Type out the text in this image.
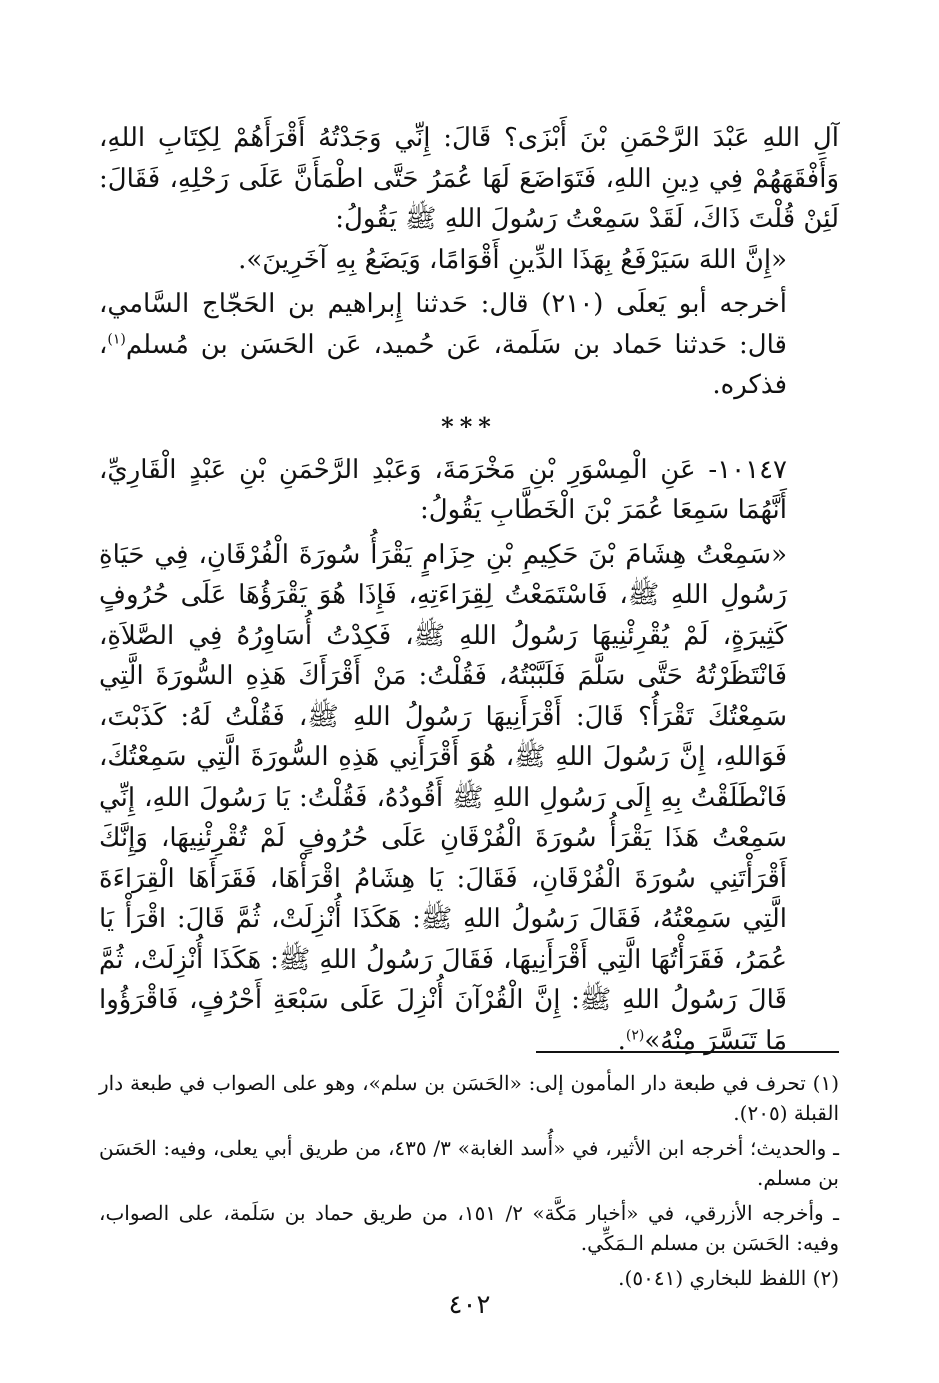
آلِ اللهِ عَبْدَ الرَّحْمَنِ بْنَ أَبْزَى؟ قَالَ: إِنِّي وَجَدْتُهُ أَقْرَأَهُمْ لِكِتَابِ اللهِ، وَأَفْقَهَهُمْ فِي دِينِ اللهِ، فَتَوَاضَعَ لَهَا عُمَرُ حَتَّى اطْمَأَنَّ عَلَى رَحْلِهِ، فَقَالَ: لَئِنْ قُلْتَ ذَاكَ، لَقَدْ سَمِعْتُ رَسُولَ اللهِ ﷺ يَقُولُ:

«إِنَّ اللهَ سَيَرْفَعُ بِهَذَا الدِّينِ أَقْوَامًا، وَيَضَعُ بِهِ آخَرِينَ».

أخرجه أبو يَعلَى (٢١٠) قال: حَدثنا إِبراهيم بن الحَجّاج السَّامي، قال: حَدثنا حَماد بن سَلَمة، عَن حُميد، عَن الحَسَن بن مُسلم$^{(١)}$، فذكره.

***

١٠١٤٧- عَنِ الْمِسْوَرِ بْنِ مَخْرَمَةَ، وَعَبْدِ الرَّحْمَنِ بْنِ عَبْدٍ الْقَارِيِّ، أَنَّهُمَا سَمِعَا عُمَرَ بْنَ الْخَطَّابِ يَقُولُ:

«سَمِعْتُ هِشَامَ بْنَ حَكِيمِ بْنِ حِزَامٍ يَقْرَأُ سُورَةَ الْفُرْقَانِ، فِي حَيَاةِ رَسُولِ اللهِ ﷺ، فَاسْتَمَعْتُ لِقِرَاءَتِهِ، فَإِذَا هُوَ يَقْرَؤُهَا عَلَى حُرُوفٍ كَثِيرَةٍ، لَمْ يُقْرِئْنِيهَا رَسُولُ اللهِ ﷺ، فَكِدْتُ أُسَاوِرُهُ فِي الصَّلاَةِ، فَانْتَظَرْتُهُ حَتَّى سَلَّمَ فَلَبَّبْتُهُ، فَقُلْتُ: مَنْ أَقْرَأَكَ هَذِهِ السُّورَةَ الَّتِي سَمِعْتُكَ تَقْرَأُ؟ قَالَ: أَقْرَأَنِيهَا رَسُولُ اللهِ ﷺ، فَقُلْتُ لَهُ: كَذَبْتَ، فَوَاللهِ، إِنَّ رَسُولَ اللهِ ﷺ، هُوَ أَقْرَأَنِي هَذِهِ السُّورَةَ الَّتِي سَمِعْتُكَ، فَانْطَلَقْتُ بِهِ إِلَى رَسُولِ اللهِ ﷺ أَقُودُهُ، فَقُلْتُ: يَا رَسُولَ اللهِ، إِنِّي سَمِعْتُ هَذَا يَقْرَأُ سُورَةَ الْفُرْقَانِ عَلَى حُرُوفٍ لَمْ تُقْرِئْنِيهَا، وَإِنَّكَ أَقْرَأْتَنِي سُورَةَ الْفُرْقَانِ، فَقَالَ: يَا هِشَامُ اقْرَأْهَا، فَقَرَأَهَا الْقِرَاءَةَ الَّتِي سَمِعْتُهُ، فَقَالَ رَسُولُ اللهِ ﷺ: هَكَذَا أُنْزِلَتْ، ثُمَّ قَالَ: اقْرَأْ يَا عُمَرُ، فَقَرَأْتُهَا الَّتِي أَقْرَأَنِيهَا، فَقَالَ رَسُولُ اللهِ ﷺ: هَكَذَا أُنْزِلَتْ، ثُمَّ قَالَ رَسُولُ اللهِ ﷺ: إِنَّ الْقُرْآنَ أُنْزِلَ عَلَى سَبْعَةِ أَحْرُفٍ، فَاقْرَؤُوا مَا تَيَسَّرَ مِنْهُ»$^{(٢)}$.

(١) تحرف في طبعة دار المأمون إلى: «الحَسَن بن سلم»، وهو على الصواب في طبعة دار القبلة (٢٠٥).

ـ والحديث؛ أخرجه ابن الأثير، في «أُسد الغابة» ٣/ ٤٣٥، من طريق أبي يعلى، وفيه: الحَسَن بن مسلم.

ـ وأخرجه الأزرقي، في «أخبار مَكَّة» ٢/ ١٥١، من طريق حماد بن سَلَمة، على الصواب، وفيه: الحَسَن بن مسلم الـمَكِّي.

(٢) اللفظ للبخاري (٥٠٤١).

٤٠٢
